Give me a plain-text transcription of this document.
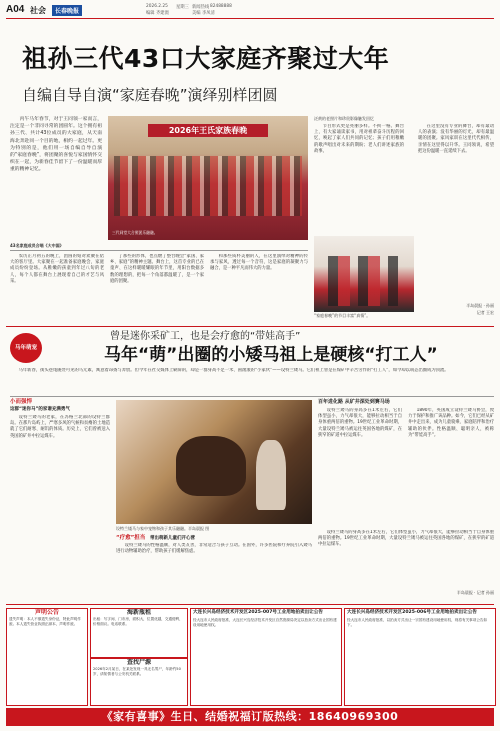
A04 社会	长春晚报
2026.2.25 星期三 新闻热线 82488888
编辑 齐建澳	美编 李凤清
祖孙三代43口大家庭齐聚过大年
自编自导自演“家庭春晚”演绎别样团圆

丙午马年春节，对于王同领一家而言，注定是一个非同寻常的团圆年。这个拥有祖孙三代、共计43位成员的大家庭，从天南海北奔赴同一个目的地，相约一起过年。更为特别的是，他们用一场自编自导自演的“家庭春晚”，将团聚的喜悦与家国情怀交织在一起，为新春佳节留下了一份温暖而厚重的精神记忆。

2026年王氏家族春晚
三代同堂大合照团乐融融。
43名家庭成员合唱《大中国》

农历正月初五的晚上，团圆的姑对欢聚在偌大的客厅里。大家聚在一起准备家庭晚会，家庭成员纷纷登场。从稚嫩的孩童到年过八旬的老人，每个人都在舞台上展现着自己的才艺与风采。

了那些的形体，也点燃了整台晚会“家国、家乡、家庭”的精神主题。舞台上，这首专业的已在童声、在这样暖暖耀眼的年节里，用阳台数据多数的理想的，把每一个角落都温暖了，是一个家庭的团聚。

和那些质朴美丽的人，在这里演绎对精神的传承与家风，透过每一个音符，这是家庭的凝聚力与融合，是一种平凡而伟大的力量。

泛黄的老照片和珍贵影像触发回忆

节目形式更是亮丽多样。不拘一格。舞台上，有大家诵读家书，用对祖辈奋斗历程的回忆，唤起了家人们共同的记忆；孩子们用稚嫩的歌声唱出对未来的期盼；老人们讲述家族的故事。

“家庭春晚”的节目丰富“真情”。

在这里没有专业的舞台，却有最动人的表演；没有华丽的灯光，却有最温暖的团聚。家风家训在这里代代相传，亲情在这里得以升华。王同领说，希望把这份温暖一直延续下去。

半岛晨报 · 孙丽
记者 王宏
马年萌宠
曾是迷你采矿工，也是会疗愈的“带娃高手”
马年“萌”出圈的小矮马祖上是硬核“打工人”

马年新春，街头巷尾随处可见的马元素，寓意着昂扬与奔放。但今年在社交媒体上刷屏的，却是一群身高不足一米、圆滚滚的“小家伙”——设特兰矮马。它们祖上曾是在煤矿中辛苦劳作的“打工人”，如今却以萌态出圈成为顶流。

小而强悍
这群“迷你马”的家谱充满勇气

设特兰矮马的老家，在苏格兰北部的设特兰群岛。在那片岛屿上，严寒多风的气候和贫瘠的土地造就了它们耐寒、耐饥的体质。历史上，它们曾被送入英国的矿井中拉运煤车。

设特兰矮马与家中宠物和孩子其乐融融。半岛晨报 图
百年进化路 从矿井深处到赛马场

设特兰矮马的身高多在1米左右，它们体型虽小，力气却很大，能够拉动相当于自身体重两倍的重物。19世纪工业革命时期，大量设特兰矮马被运往英国各地的煤矿，在狭窄的矿道中拉运煤车。

1890年，英国成立设特兰矮马协会，致力于保护和推广该品种。如今，它们已经从矿井中走出来，成为儿童骑乘、家庭陪伴和治疗辅助的伙伴。性格温顺、聪明亲人，被称为“带娃高手”。

“疗愈”担当	带出萌新儿童们开心营

设特兰矮马的性格温顺，对人类友善，非常适合与孩子互动。在国外，许多医院和疗养院引入矮马进行动物辅助治疗，帮助孩子们缓解焦虑。

设特兰矮马的身高多在1米左右，它们体型虽小，力气却很大，能够拉动相当于自身体重两倍的重物。19世纪工业革命时期，大量设特兰矮马被运往英国各地的煤矿，在狭窄的矿道中拉运煤车。

半岛晨报 · 记者 孙丽
声明公告
遗失声明：本人不慎遗失身份证，特此声明作废。本人遗失营业执照正副本，声明作废。
海新瓶租
出租：写字间、门市房，面积大，位置优越，交通便利，价格面议。电话联系。
查找尸源
2026年2月某日，在某处发现一具无名男尸，年龄约50岁，请知情者与公安机关联系。
大连长兴岛经济技术开发区2025-007号工业用地拍卖出让公告
经大连市人民政府批准，大连长兴岛经济技术开发区自然资源局决定以拍卖方式出让国有建设用地使用权。
大连长兴岛经济技术开发区2025-006号工业用地拍卖出让公告
经大连市人民政府批准，以拍卖方式出让一宗国有建设用地使用权，现将有关事项公告如下。
《家有喜事》生日、结婚祝福订版热线：18640969300
